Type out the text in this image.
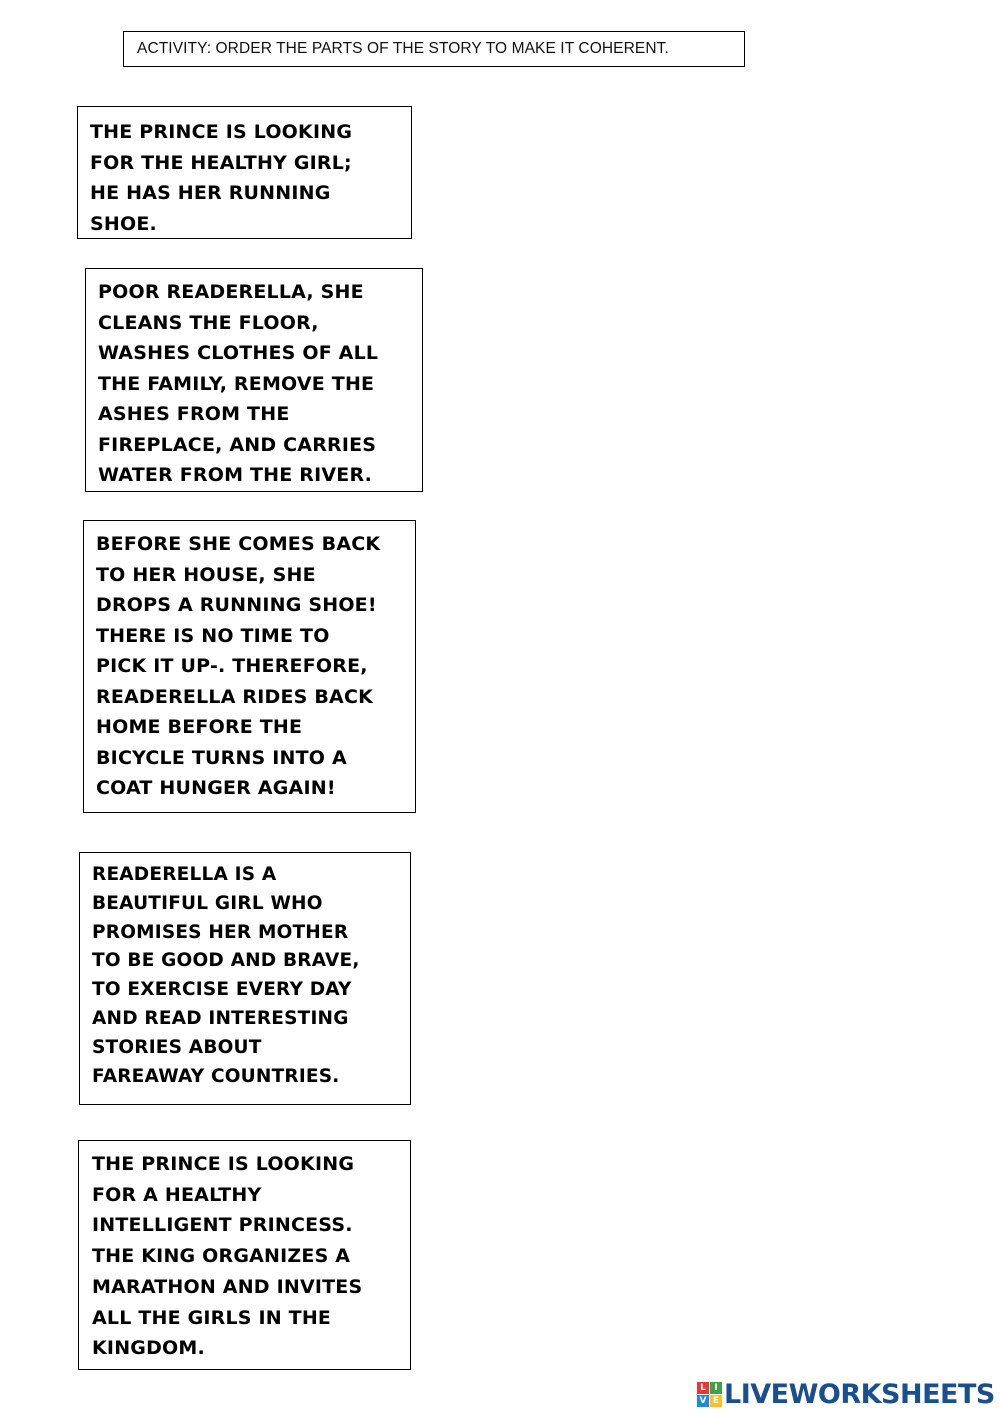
ACTIVITY: ORDER THE PARTS OF THE STORY TO MAKE IT COHERENT.

THE PRINCE IS LOOKING
FOR THE HEALTHY GIRL;
HE HAS HER RUNNING
SHOE.

POOR READERELLA, SHE
CLEANS THE FLOOR,
WASHES CLOTHES OF ALL
THE FAMILY, REMOVE THE
ASHES FROM THE
FIREPLACE, AND CARRIES
WATER FROM THE RIVER.

BEFORE SHE COMES BACK
TO HER HOUSE, SHE
DROPS A RUNNING SHOE!
THERE IS NO TIME TO
PICK IT UP-. THEREFORE,
READERELLA RIDES BACK
HOME BEFORE THE
BICYCLE TURNS INTO A
COAT HUNGER AGAIN!

READERELLA IS A
BEAUTIFUL GIRL WHO
PROMISES HER MOTHER
TO BE GOOD AND BRAVE,
TO EXERCISE EVERY DAY
AND READ INTERESTING
STORIES ABOUT
FAREAWAY COUNTRIES.

THE PRINCE IS LOOKING
FOR A HEALTHY
INTELLIGENT PRINCESS.
THE KING ORGANIZES A
MARATHON AND INVITES
ALL THE GIRLS IN THE
KINGDOM.

L I
V E LIVEWORKSHEETS
